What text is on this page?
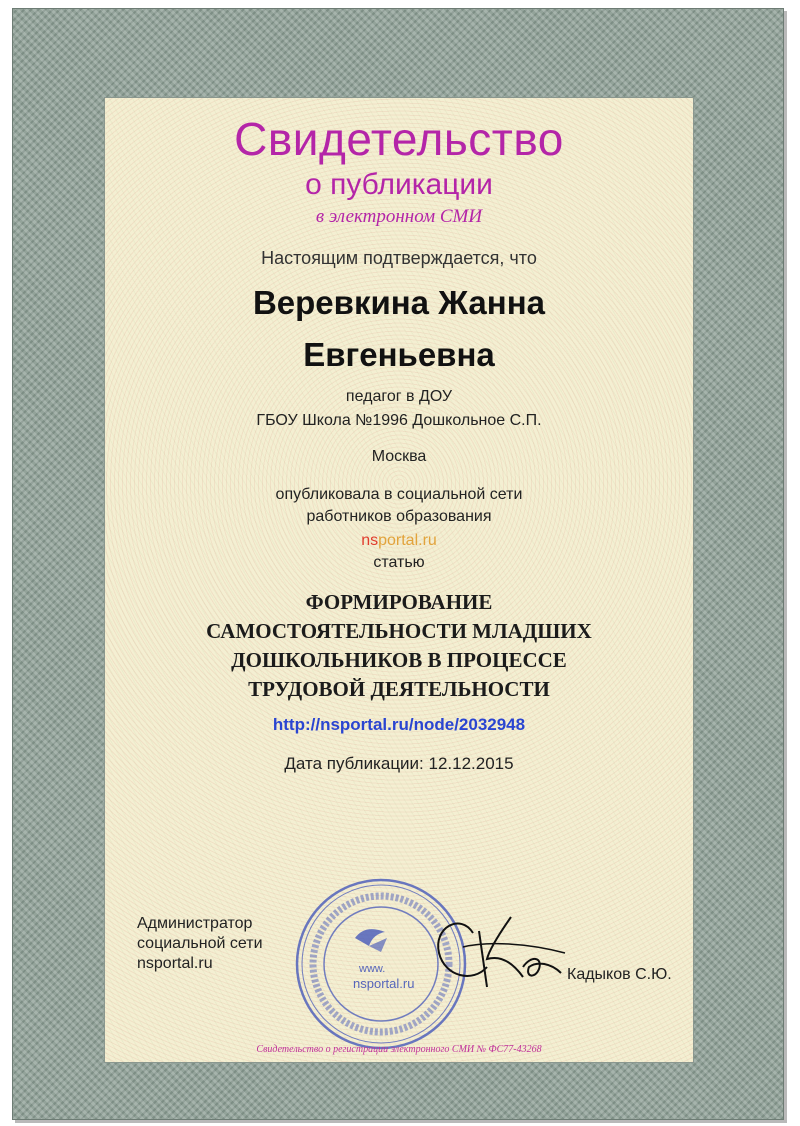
Свидетельство
о публикации
в электронном СМИ
Настоящим подтверждается, что
Веревкина Жанна
Евгеньевна
педагог в ДОУ
ГБОУ Школа №1996 Дошкольное С.П.
Москва
опубликовала в социальной сети
работников образования
nsportal.ru
статью
ФОРМИРОВАНИЕ
САМОСТОЯТЕЛЬНОСТИ МЛАДШИХ
ДОШКОЛЬНИКОВ В ПРОЦЕССЕ
ТРУДОВОЙ ДЕЯТЕЛЬНОСТИ
http://nsportal.ru/node/2032948
Дата публикации: 12.12.2015
Администратор
социальной сети
nsportal.ru	www.
nsportal.ru
Кадыков С.Ю.
Свидетельство о регистрации электронного СМИ № ФС77-43268
